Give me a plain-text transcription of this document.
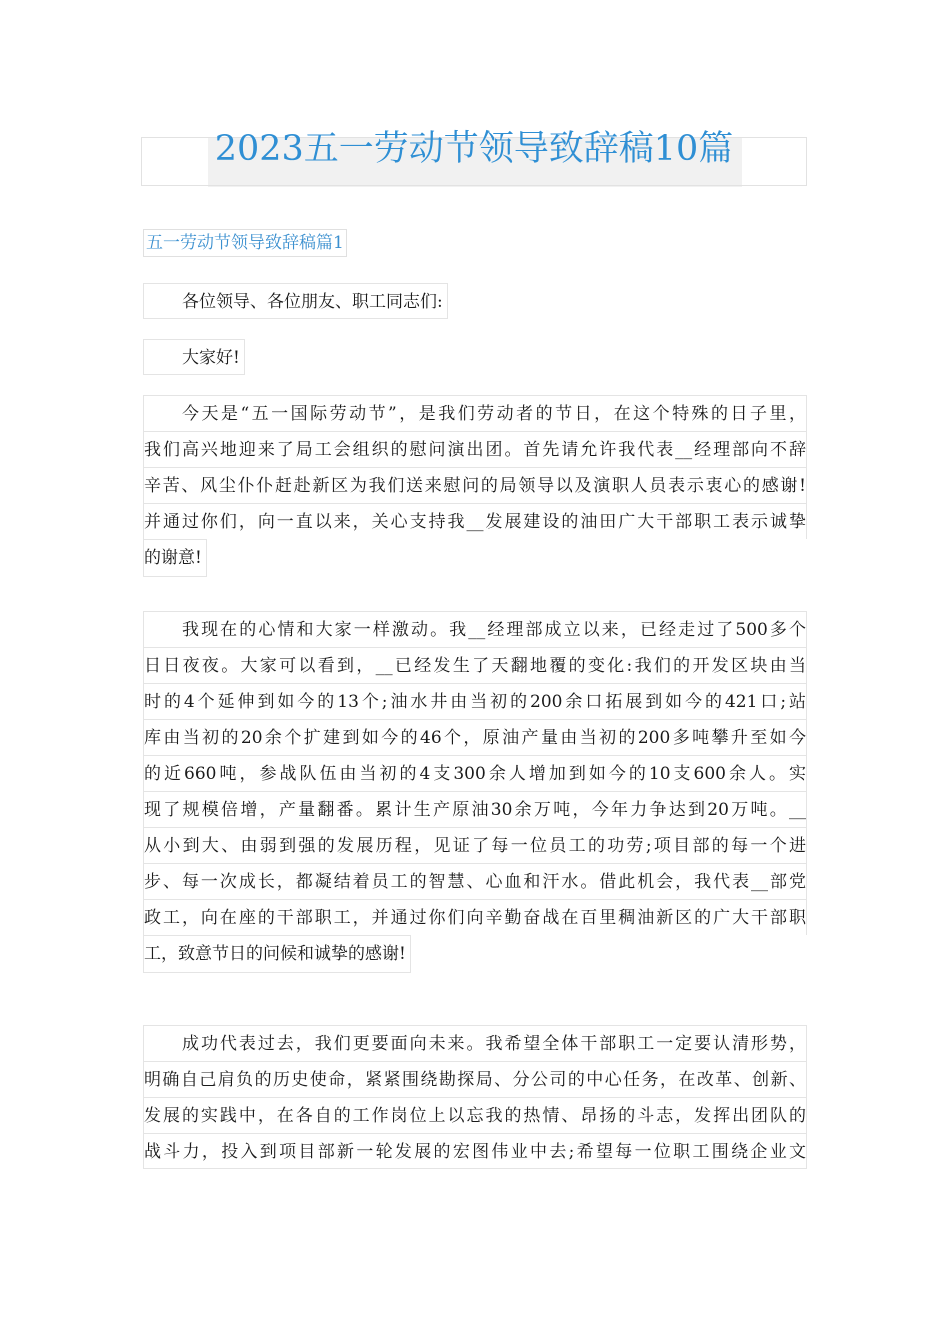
2023五一劳动节领导致辞稿10篇
五一劳动节领导致辞稿篇1

各位领导、各位朋友、职工同志们:

大家好!

今天是“五一国际劳动节”，是我们劳动者的节日，在这个特殊的日子里，
我们高兴地迎来了局工会组织的慰问演出团。首先请允许我代表__经理部向不辞
辛苦、风尘仆仆赶赴新区为我们送来慰问的局领导以及演职人员表示衷心的感谢!
并通过你们，向一直以来，关心支持我__发展建设的油田广大干部职工表示诚挚
的谢意!

我现在的心情和大家一样激动。我__经理部成立以来，已经走过了500多个
日日夜夜。大家可以看到，__已经发生了天翻地覆的变化:我们的开发区块由当
时的4个延伸到如今的13个;油水井由当初的200余口拓展到如今的421口;站
库由当初的20余个扩建到如今的46个，原油产量由当初的200多吨攀升至如今
的近660吨，参战队伍由当初的4支300余人增加到如今的10支600余人。实
现了规模倍增，产量翻番。累计生产原油30余万吨，今年力争达到20万吨。__
从小到大、由弱到强的发展历程，见证了每一位员工的功劳;项目部的每一个进
步、每一次成长，都凝结着员工的智慧、心血和汗水。借此机会，我代表__部党
政工，向在座的干部职工，并通过你们向辛勤奋战在百里稠油新区的广大干部职
工，致意节日的问候和诚挚的感谢!

成功代表过去，我们更要面向未来。我希望全体干部职工一定要认清形势，
明确自己肩负的历史使命，紧紧围绕勘探局、分公司的中心任务，在改革、创新、
发展的实践中，在各自的工作岗位上以忘我的热情、昂扬的斗志，发挥出团队的
战斗力，投入到项目部新一轮发展的宏图伟业中去;希望每一位职工围绕企业文
